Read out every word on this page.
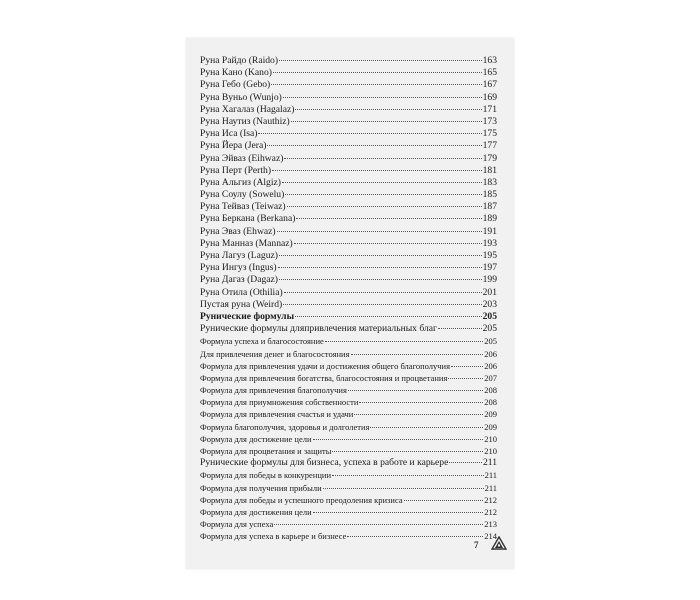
Руна Райдо (Raido)	163
Руна Кано (Kano)	165
Руна Гебо (Gebo)	167
Руна Вуньо (Wunjo)	169
Руна Хагалаз (Hagalaz)	171
Руна Наутиз (Nauthiz)	173
Руна Иса (Isa)	175
Руна Йера (Jera)	177
Руна Эйваз (Eihwaz)	179
Руна Перт (Perth)	181
Руна Альгиз (Algiz)	183
Руна Соулу (Sowelu)	185
Руна Тейваз (Teiwaz)	187
Руна Беркана (Berkana)	189
Руна Эваз (Ehwaz)	191
Руна Манназ (Mannaz)	193
Руна Лагуз (Laguz)	195
Руна Ингуз (Ingus)	197
Руна Дагаз (Dagaz)	199
Руна Отила (Othilia)	201
Пустая руна (Weird)	203
Рунические формулы	205
Рунические формулы дляпривлечения материальных благ	205
Формула успеха и благосостояние	205
Для привлечения денег и благосостояния	206
Формула для привлечения удачи и достижения общего благополучия	206
Формула для привлечения богатства, благосостояния и процветания	207
Формула для привлечения благополучия	208
Формула для приумножения собственности	208
Формула для привлечения счастья и удачи	209
Формула благополучия, здоровья и долголетия	209
Формула для достижение цели	210
Формула для процветания и защиты	210
Рунические формулы для бизнеса, успеха в работе и карьере	211
Формула для победы в конкуренции	211
Формула для получения прибыли	211
Формула для победы и успешного преодоления кризиса	212
Формула для достижения цели	212
Формула для успеха	213
Формула для успеха в карьере и бизнесе	214
7
